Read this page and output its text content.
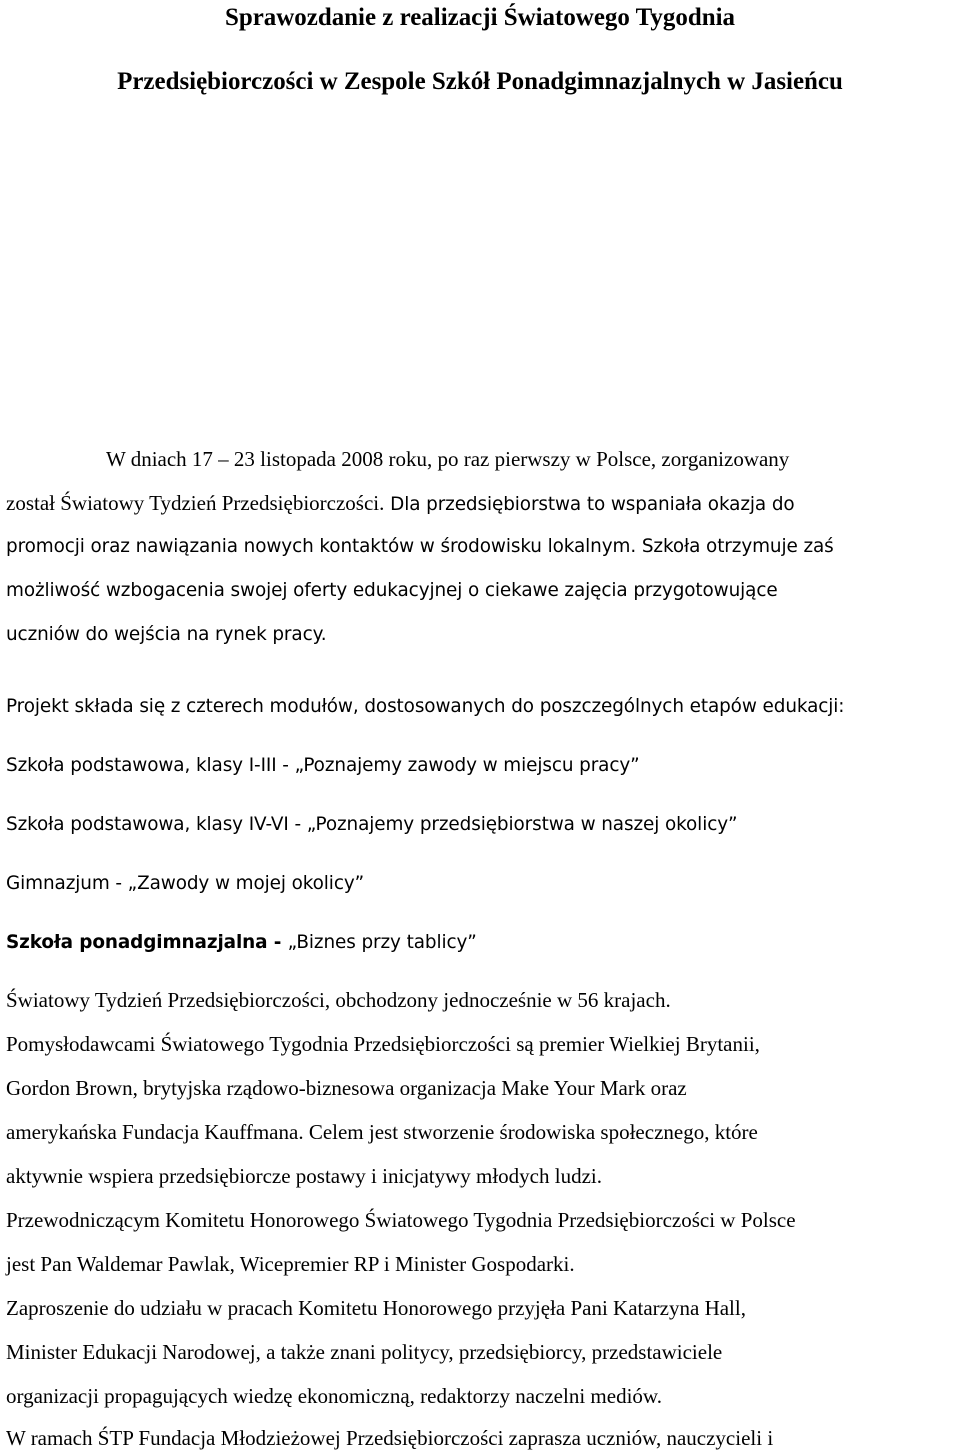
Sprawozdanie z realizacji Światowego Tygodnia
Przedsiębiorczości w Zespole Szkół Ponadgimnazjalnych w Jasieńcu

W dniach 17 – 23 listopada 2008 roku, po raz pierwszy w Polsce, zorganizowany

został Światowy Tydzień Przedsiębiorczości. Dla przedsiębiorstwa to wspaniała okazja do

promocji oraz nawiązania nowych kontaktów w środowisku lokalnym. Szkoła otrzymuje zaś

możliwość wzbogacenia swojej oferty edukacyjnej o ciekawe zajęcia przygotowujące

uczniów do wejścia na rynek pracy.

Projekt składa się z czterech modułów, dostosowanych do poszczególnych etapów edukacji:

Szkoła podstawowa, klasy I-III - „Poznajemy zawody w miejscu pracy”

Szkoła podstawowa, klasy IV-VI - „Poznajemy przedsiębiorstwa w naszej okolicy”

Gimnazjum - „Zawody w mojej okolicy”

Szkoła ponadgimnazjalna - „Biznes przy tablicy”

Światowy Tydzień Przedsiębiorczości, obchodzony jednocześnie w 56 krajach.

Pomysłodawcami Światowego Tygodnia Przedsiębiorczości są premier Wielkiej Brytanii,

Gordon Brown, brytyjska rządowo-biznesowa organizacja Make Your Mark oraz

amerykańska Fundacja Kauffmana. Celem jest stworzenie środowiska społecznego, które

aktywnie wspiera przedsiębiorcze postawy i inicjatywy młodych ludzi.

Przewodniczącym Komitetu Honorowego Światowego Tygodnia Przedsiębiorczości w Polsce

jest Pan Waldemar Pawlak, Wicepremier RP i Minister Gospodarki.

Zaproszenie do udziału w pracach Komitetu Honorowego przyjęła Pani Katarzyna Hall,

Minister Edukacji Narodowej, a także znani politycy, przedsiębiorcy, przedstawiciele

organizacji propagujących wiedzę ekonomiczną, redaktorzy naczelni mediów.

W ramach ŚTP Fundacja Młodzieżowej Przedsiębiorczości zaprasza uczniów, nauczycieli i
